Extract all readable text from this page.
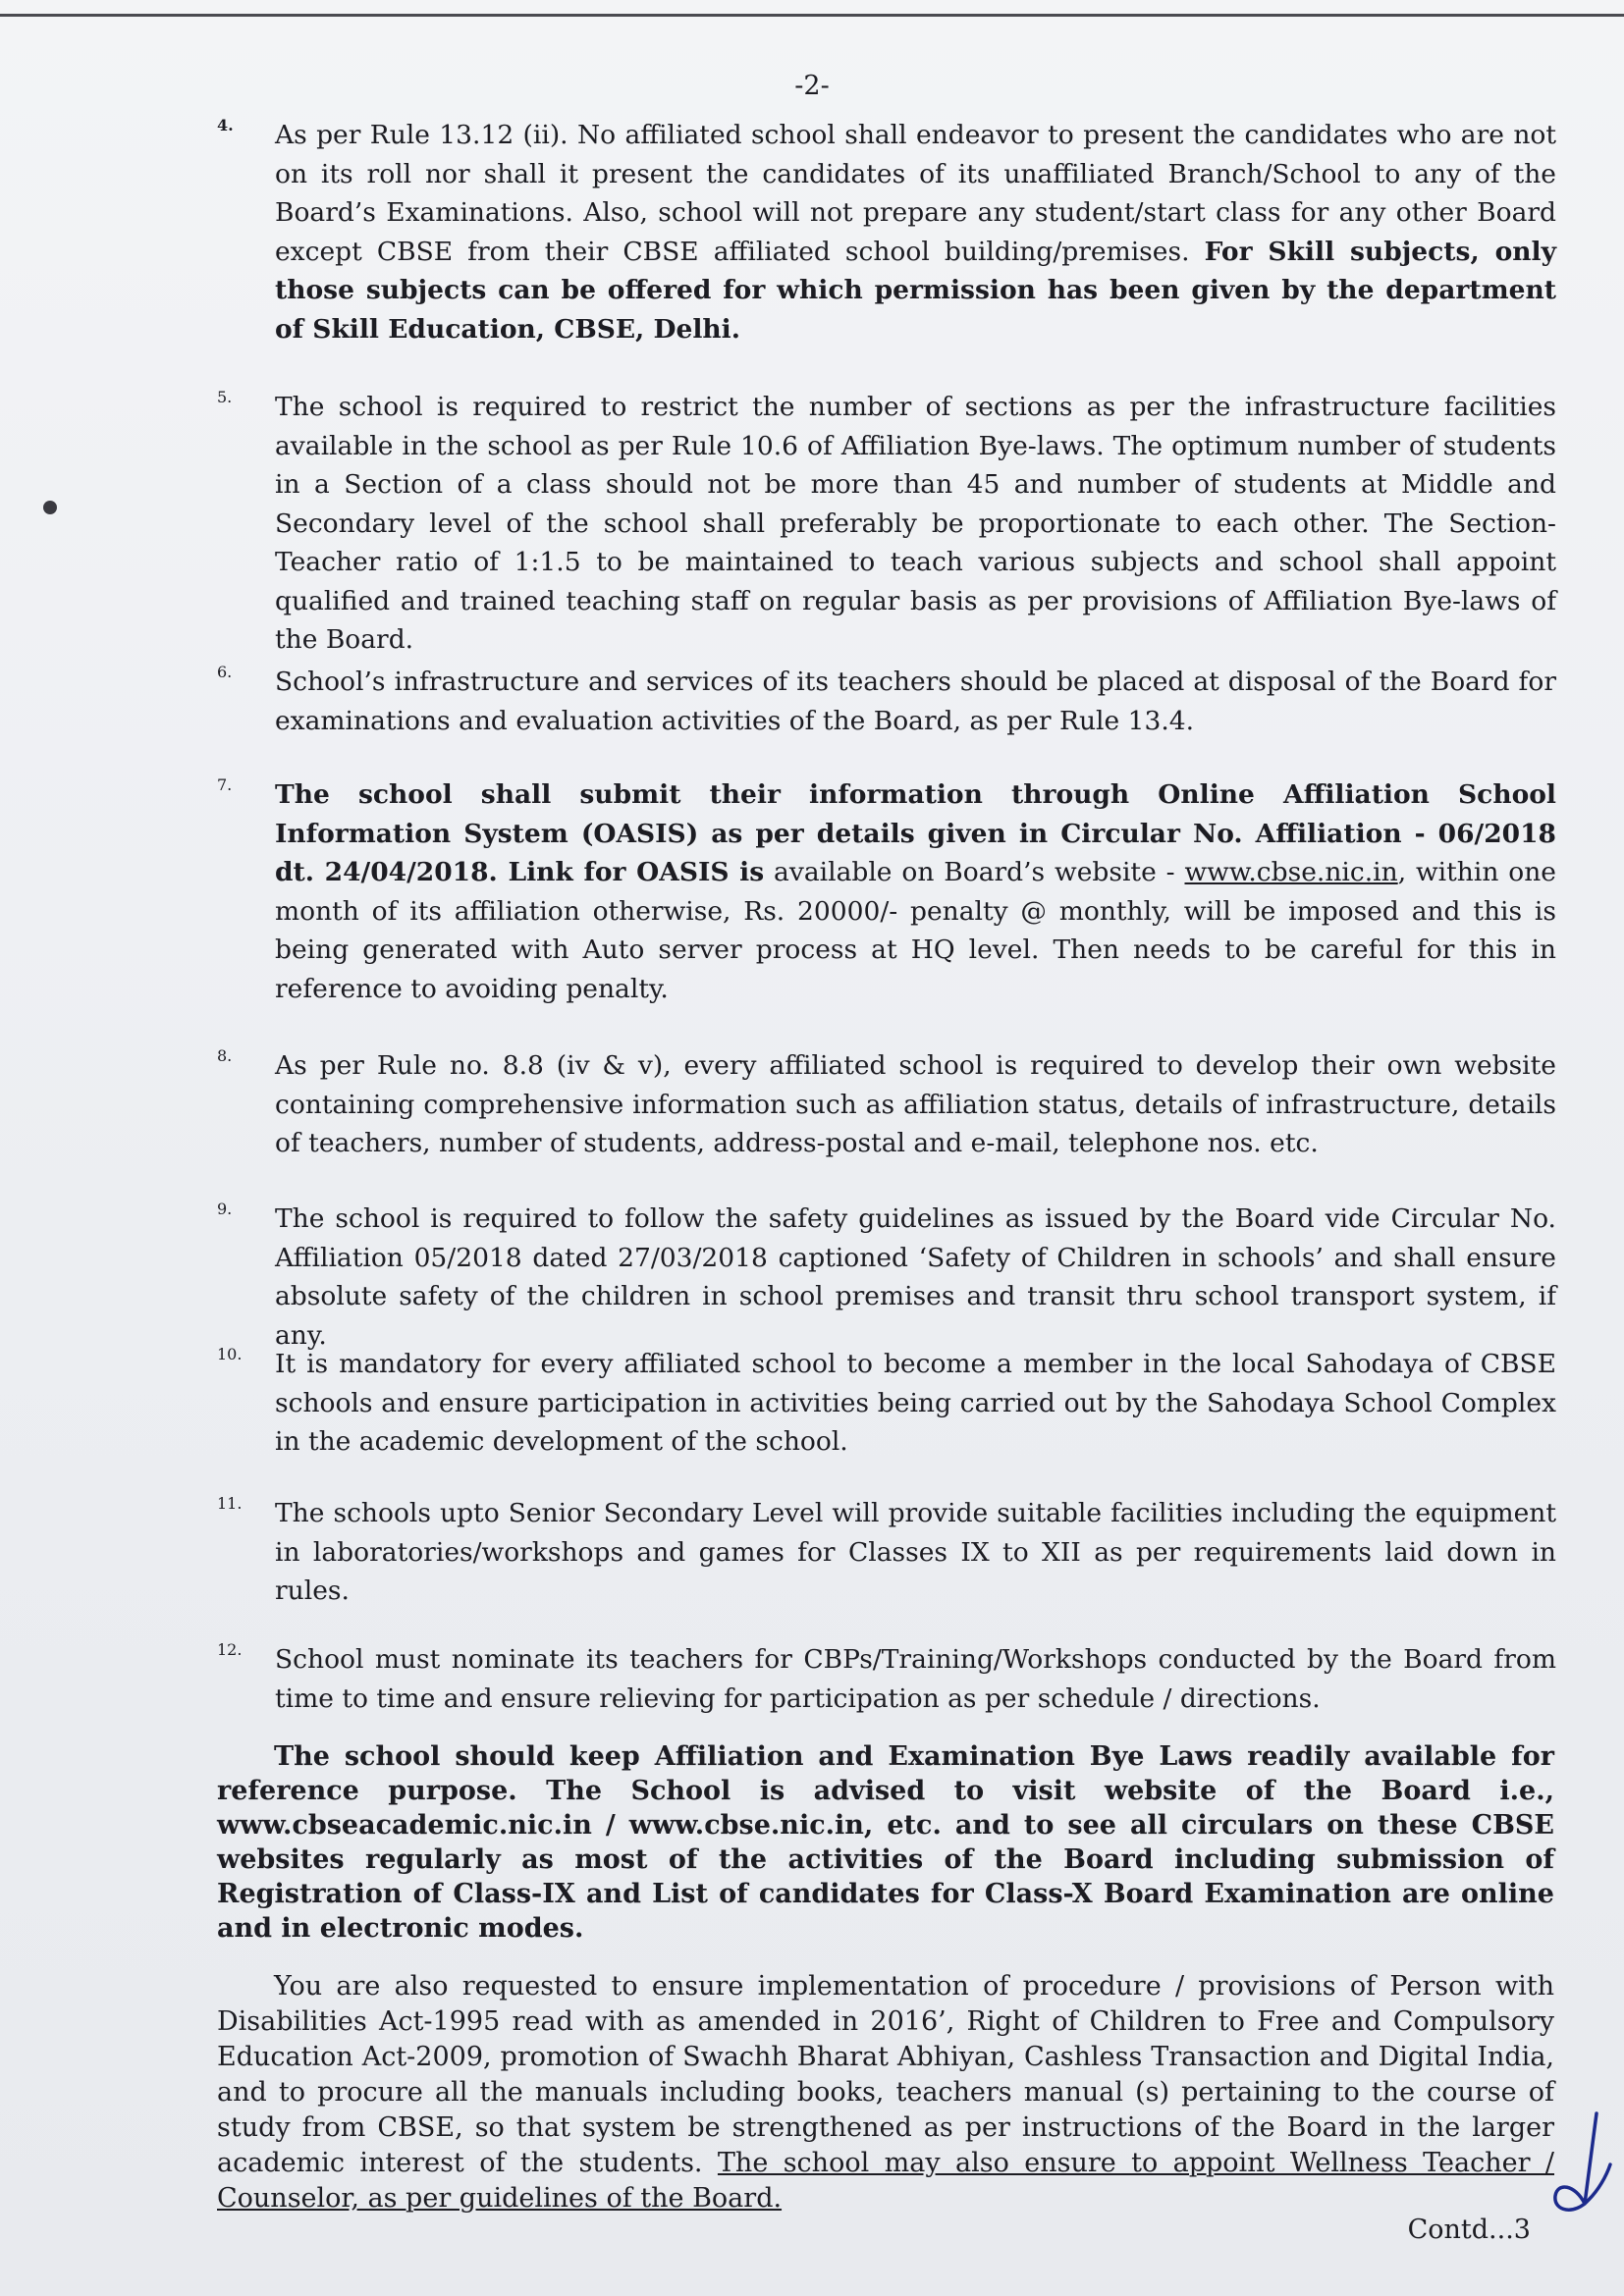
-2-
4.	As per Rule 13.12 (ii). No affiliated school shall endeavor to present the candidates who are not on its roll nor shall it present the candidates of its unaffiliated Branch/School to any of the Board’s Examinations. Also, school will not prepare any student/start class for any other Board except CBSE from their CBSE affiliated school building/premises. For Skill subjects, only those subjects can be offered for which permission has been given by the department of Skill Education, CBSE, Delhi.
5.	The school is required to restrict the number of sections as per the infrastructure facilities available in the school as per Rule 10.6 of Affiliation Bye-laws. The optimum number of students in a Section of a class should not be more than 45 and number of students at Middle and Secondary level of the school shall preferably be proportionate to each other. The Section-Teacher ratio of 1:1.5 to be maintained to teach various subjects and school shall appoint qualified and trained teaching staff on regular basis as per provisions of Affiliation Bye-laws of the Board.
6.	School’s infrastructure and services of its teachers should be placed at disposal of the Board for examinations and evaluation activities of the Board, as per Rule 13.4.
7.	The school shall submit their information through Online Affiliation School Information System (OASIS) as per details given in Circular No. Affiliation - 06/2018 dt. 24/04/2018. Link for OASIS is available on Board’s website - www.cbse.nic.in, within one month of its affiliation otherwise, Rs. 20000/- penalty @ monthly, will be imposed and this is being generated with Auto server process at HQ level. Then needs to be careful for this in reference to avoiding penalty.
8.	As per Rule no. 8.8 (iv & v), every affiliated school is required to develop their own website containing comprehensive information such as affiliation status, details of infrastructure, details of teachers, number of students, address-postal and e-mail, telephone nos. etc.
9.	The school is required to follow the safety guidelines as issued by the Board vide Circular No. Affiliation 05/2018 dated 27/03/2018 captioned ‘Safety of Children in schools’ and shall ensure absolute safety of the children in school premises and transit thru school transport system, if any.
10.	It is mandatory for every affiliated school to become a member in the local Sahodaya of CBSE schools and ensure participation in activities being carried out by the Sahodaya School Complex in the academic development of the school.
11.	The schools upto Senior Secondary Level will provide suitable facilities including the equipment in laboratories/workshops and games for Classes IX to XII as per requirements laid down in rules.
12.	School must nominate its teachers for CBPs/Training/Workshops conducted by the Board from time to time and ensure relieving for participation as per schedule / directions.
The school should keep Affiliation and Examination Bye Laws readily available for reference purpose. The School is advised to visit website of the Board i.e., www.cbseacademic.nic.in / www.cbse.nic.in, etc. and to see all circulars on these CBSE websites regularly as most of the activities of the Board including submission of Registration of Class-IX and List of candidates for Class-X Board Examination are online and in electronic modes.
You are also requested to ensure implementation of procedure / provisions of Person with Disabilities Act-1995 read with as amended in 2016’, Right of Children to Free and Compulsory Education Act-2009, promotion of Swachh Bharat Abhiyan, Cashless Transaction and Digital India, and to procure all the manuals including books, teachers manual (s) pertaining to the course of study from CBSE, so that system be strengthened as per instructions of the Board in the larger academic interest of the students. The school may also ensure to appoint Wellness Teacher / Counselor, as per guidelines of the Board.
Contd...3
